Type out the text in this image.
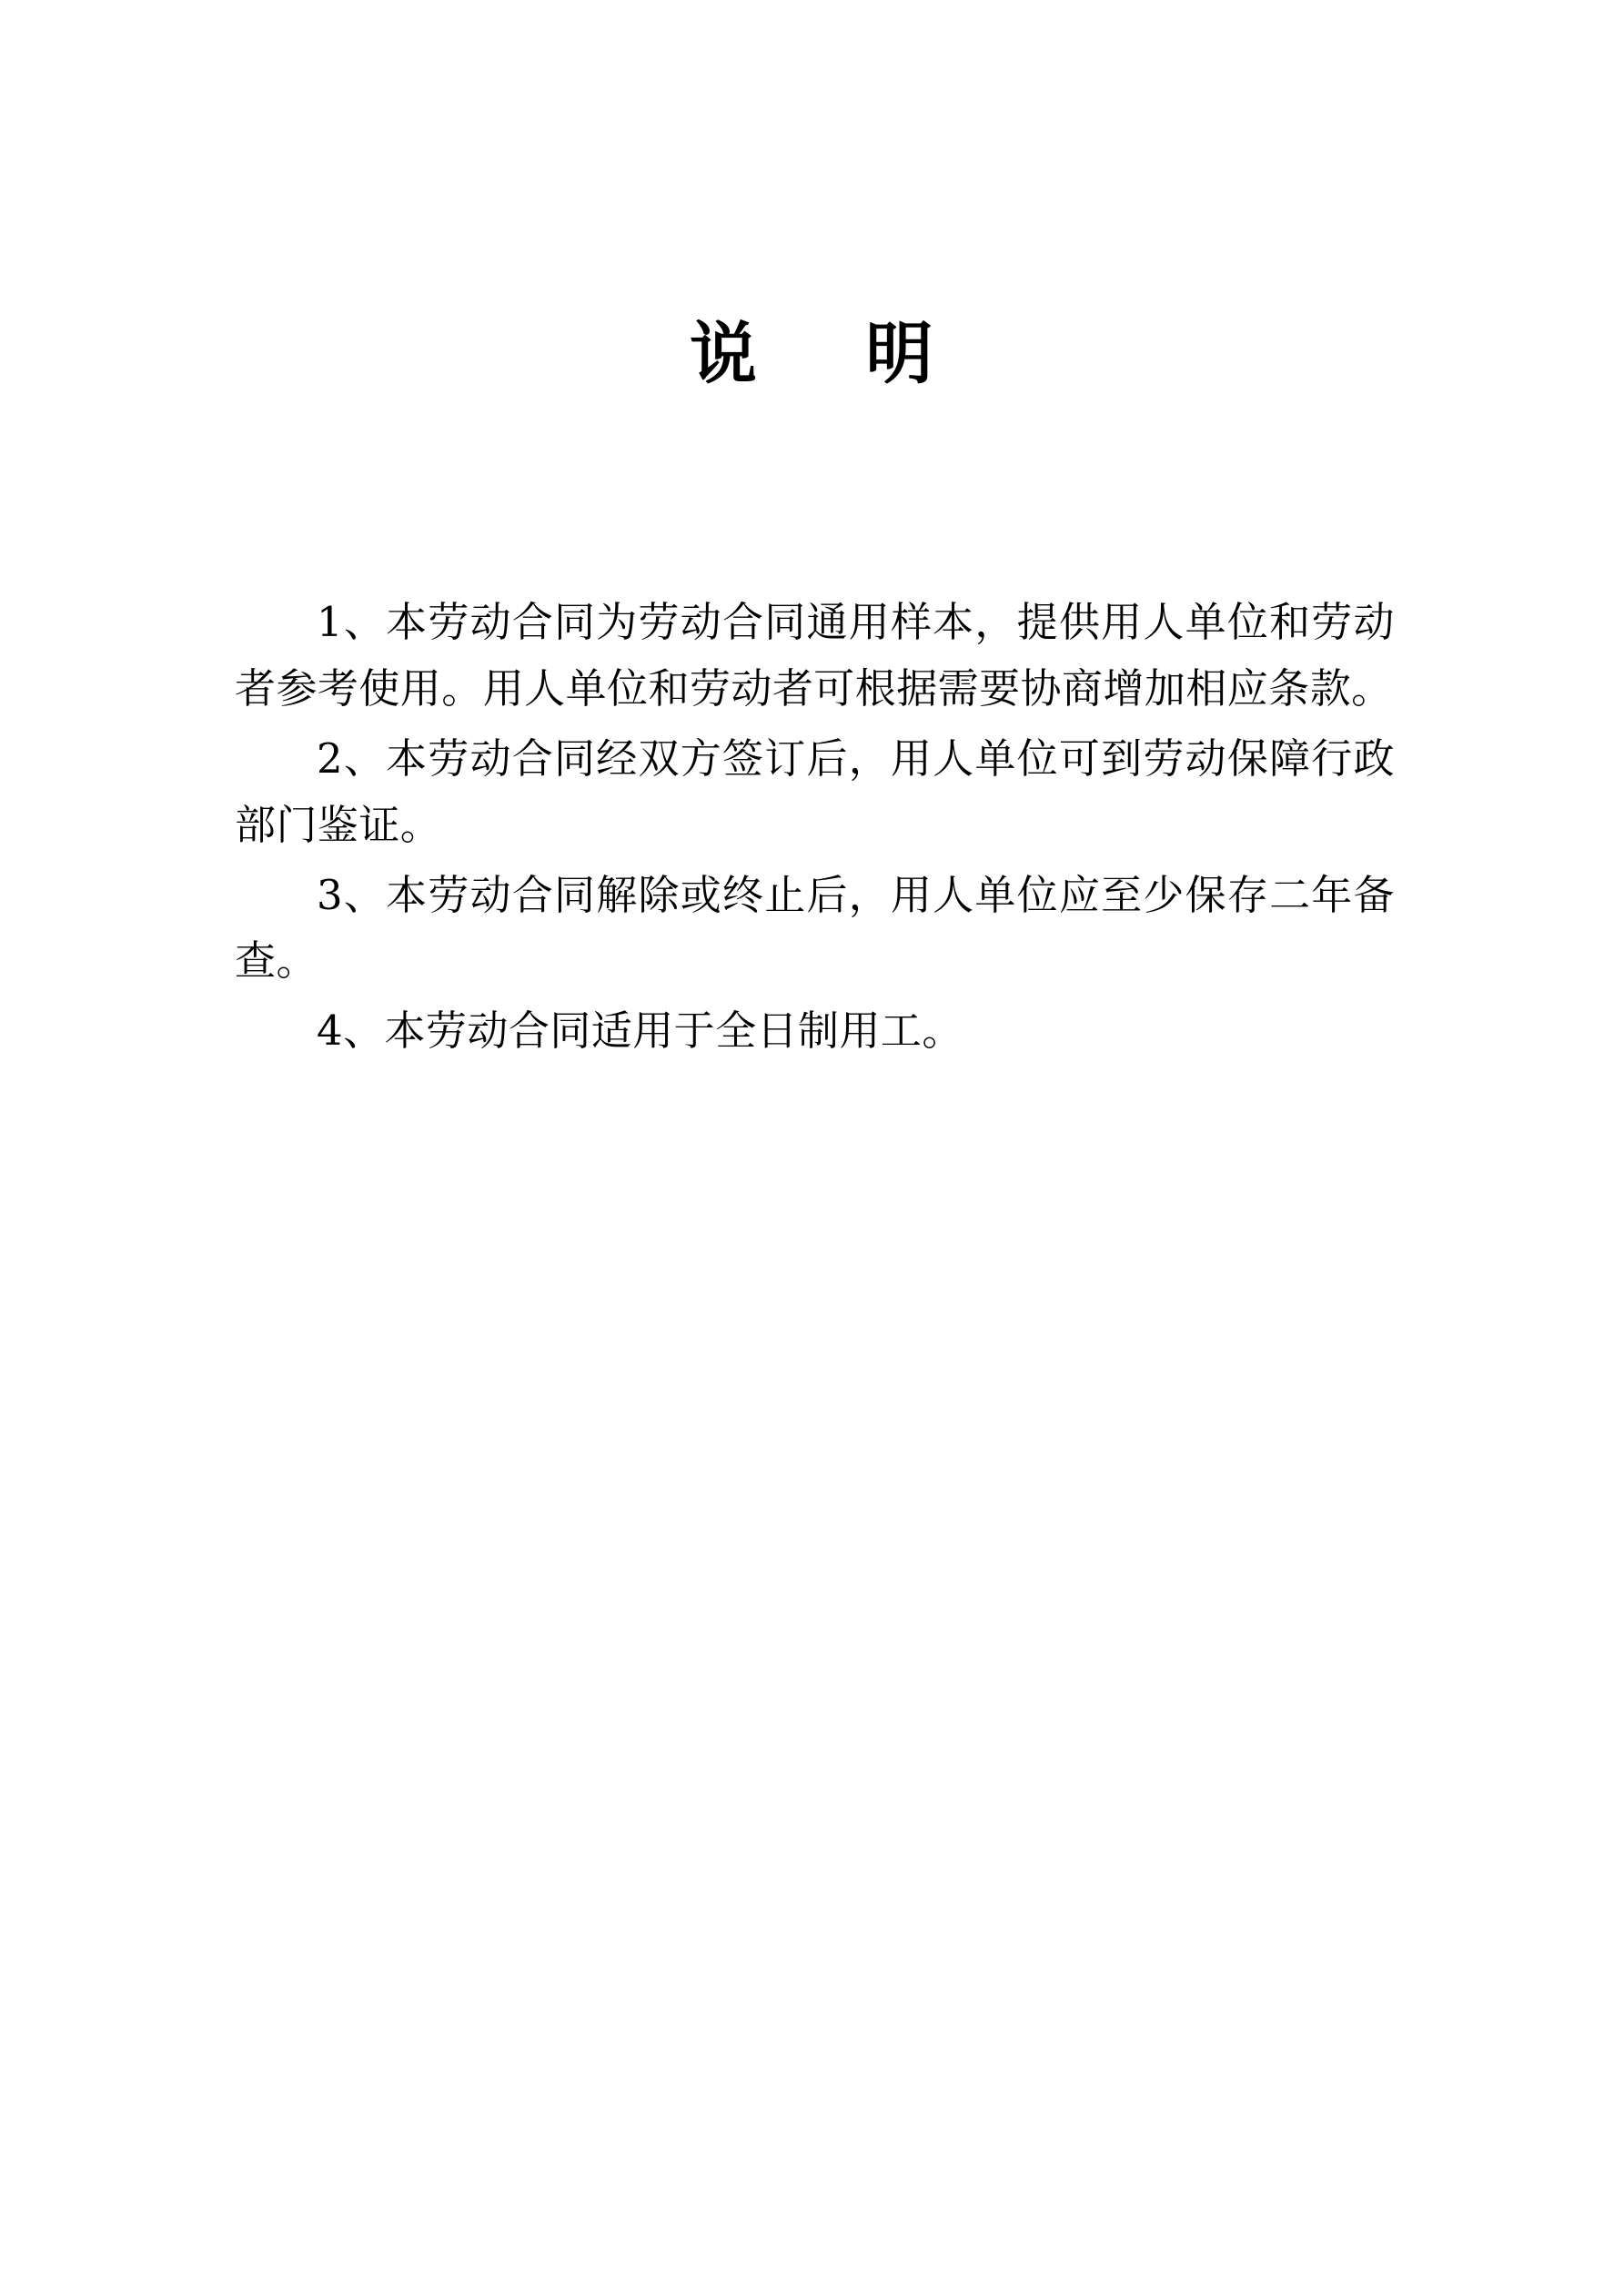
说 明

1、本劳动合同为劳动合同通用样本，提供用人单位和劳动者参考使用。用人单位和劳动者可根据需要协商增加相应条款。

2、本劳动合同经双方签订后，用人单位可到劳动保障行政部门鉴证。

3、本劳动合同解除或终止后，用人单位应至少保存二年备查。

4、本劳动合同适用于全日制用工。
